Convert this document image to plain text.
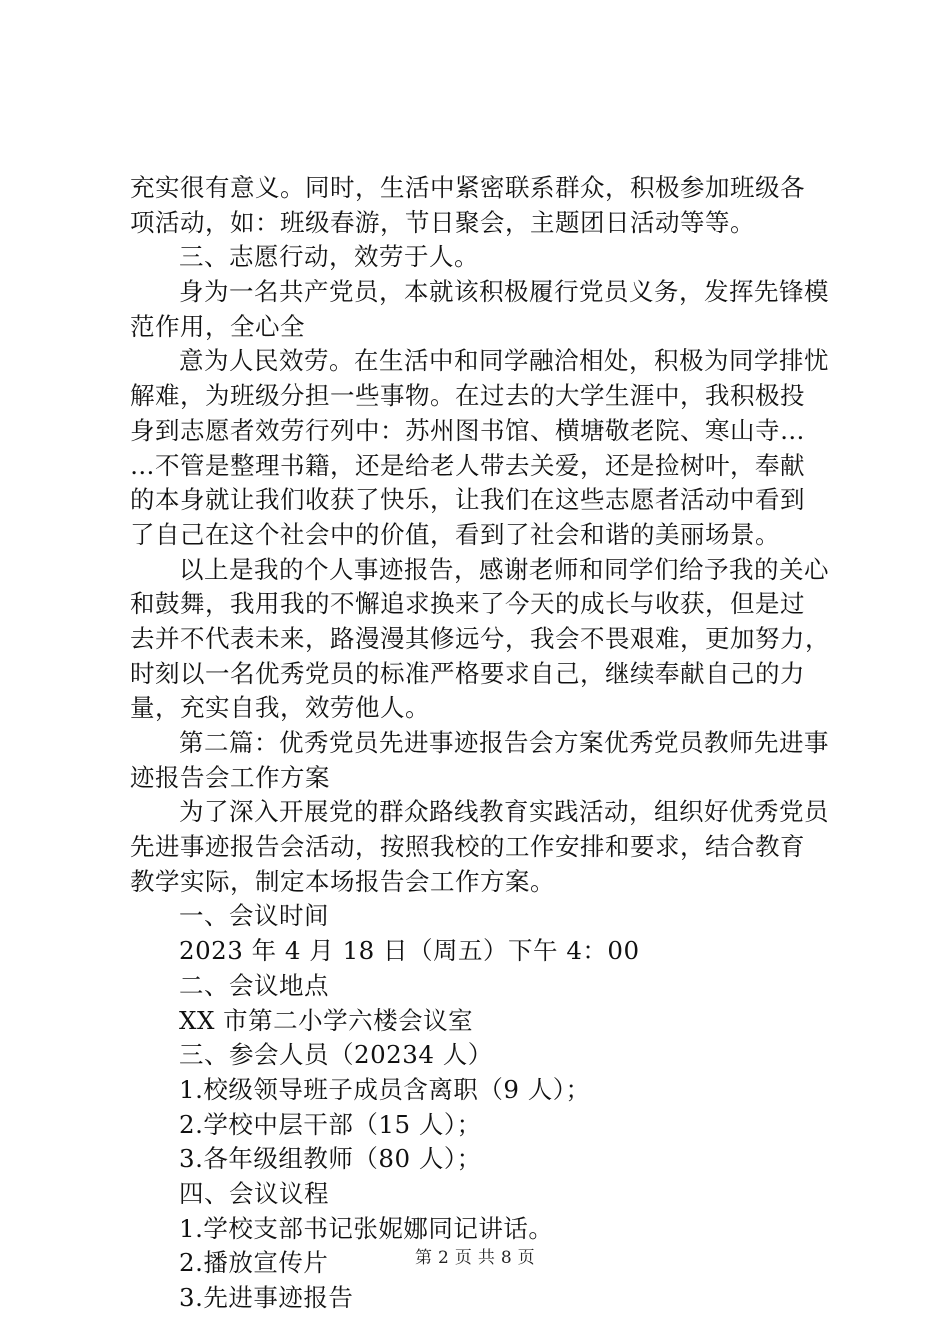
充实很有意义。同时，生活中紧密联系群众，积极参加班级各
项活动，如：班级春游，节日聚会，主题团日活动等等。
三、志愿行动，效劳于人。
身为一名共产党员，本就该积极履行党员义务，发挥先锋模
范作用，全心全
意为人民效劳。在生活中和同学融洽相处，积极为同学排忧
解难，为班级分担一些事物。在过去的大学生涯中，我积极投
身到志愿者效劳行列中：苏州图书馆、横塘敬老院、寒山寺…
…不管是整理书籍，还是给老人带去关爱，还是捡树叶，奉献
的本身就让我们收获了快乐，让我们在这些志愿者活动中看到
了自己在这个社会中的价值，看到了社会和谐的美丽场景。
以上是我的个人事迹报告，感谢老师和同学们给予我的关心
和鼓舞，我用我的不懈追求换来了今天的成长与收获，但是过
去并不代表未来，路漫漫其修远兮，我会不畏艰难，更加努力，
时刻以一名优秀党员的标准严格要求自己，继续奉献自己的力
量，充实自我，效劳他人。
第二篇：优秀党员先进事迹报告会方案优秀党员教师先进事
迹报告会工作方案
为了深入开展党的群众路线教育实践活动，组织好优秀党员
先进事迹报告会活动，按照我校的工作安排和要求，结合教育
教学实际，制定本场报告会工作方案。
一、会议时间
2023 年 4 月 18 日（周五）下午 4：00
二、会议地点
XX 市第二小学六楼会议室
三、参会人员（20234 人）
1.校级领导班子成员含离职（9 人）；
2.学校中层干部（15 人）；
3.各年级组教师（80 人）；
四、会议议程
1.学校支部书记张妮娜同记讲话。
2.播放宣传片
3.先进事迹报告
第 2 页 共 8 页
